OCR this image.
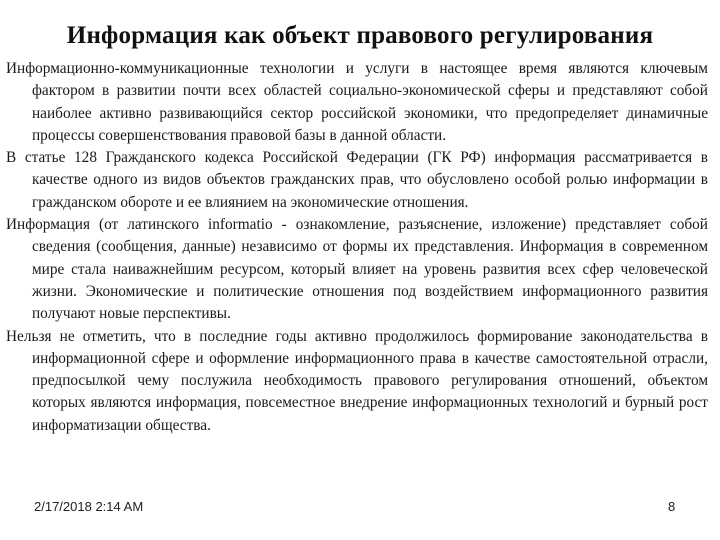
Информация как объект правового регулирования

Информационно-коммуникационные технологии и услуги в настоящее время являются ключевым фактором в развитии почти всех областей социально-экономической сферы и представляют собой наиболее активно развивающийся сектор российской экономики, что предопределяет динамичные процессы совершенствования правовой базы в данной области.

В статье 128 Гражданского кодекса Российской Федерации (ГК РФ) информация рассматривается в качестве одного из видов объектов гражданских прав, что обусловлено особой ролью информации в гражданском обороте и ее влиянием на экономические отношения.

Информация (от латинского informatio - ознакомление, разъяснение, изложение) представляет собой сведения (сообщения, данные) независимо от формы их представления. Информация в современном мире стала наиважнейшим ресурсом, который влияет на уровень развития всех сфер человеческой жизни. Экономические и политические отношения под воздействием информационного развития получают новые перспективы.

Нельзя не отметить, что в последние годы активно продолжилось формирование законодательства в информационной сфере и оформление информационного права в качестве самостоятельной отрасли, предпосылкой чему послужила необходимость правового регулирования отношений, объектом которых являются информация, повсеместное внедрение информационных технологий и бурный рост информатизации общества.

2/17/2018 2:14 AM	8
